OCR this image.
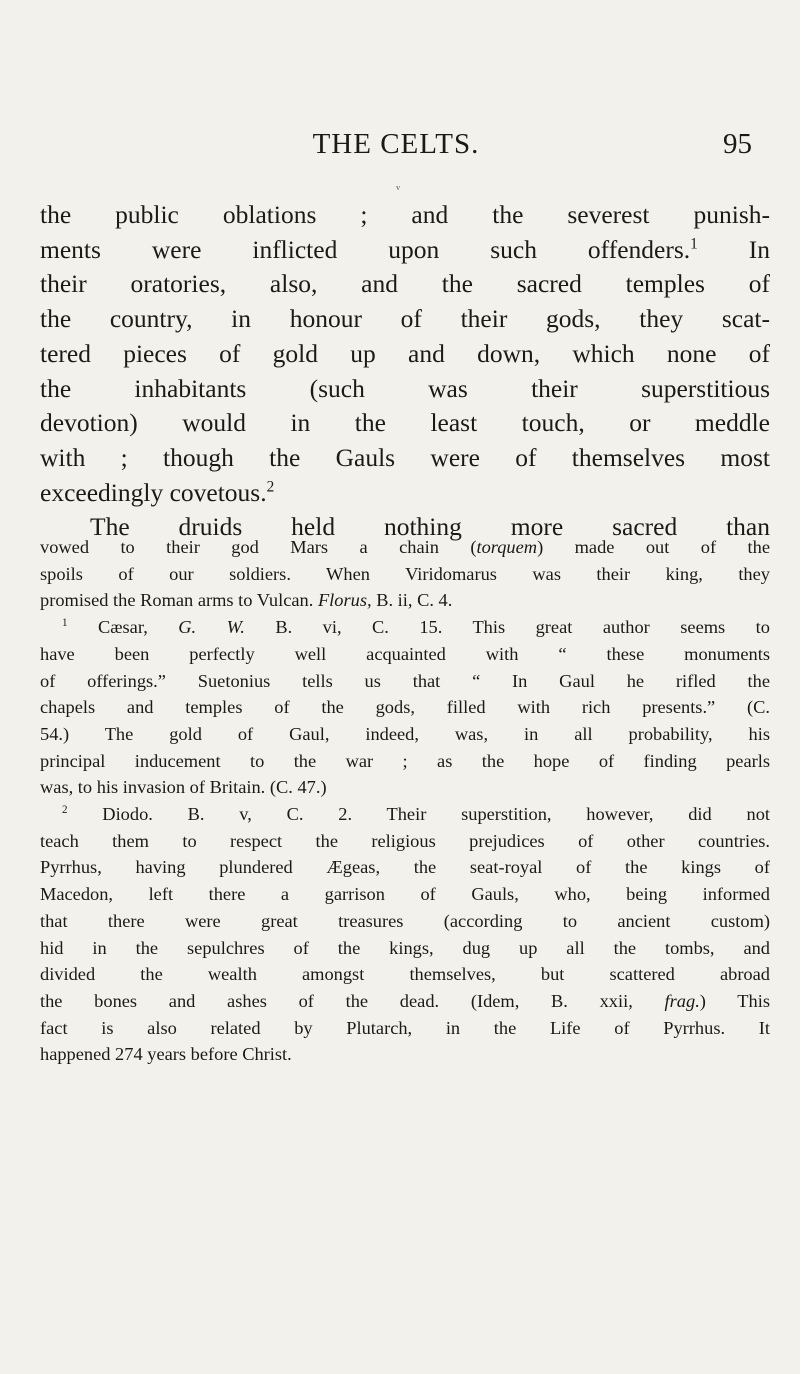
THE CELTS.	95
ᵛ
the public oblations ; and the severest punish-
ments were inflicted upon such offenders.$^1$ In
their oratories, also, and the sacred temples of
the country, in honour of their gods, they scat-
tered pieces of gold up and down, which none of
the inhabitants (such was their superstitious
devotion) would in the least touch, or meddle
with ; though the Gauls were of themselves most
exceedingly covetous.$^2$
The druids held nothing more sacred than
vowed to their god Mars a chain (torquem) made out of the
spoils of our soldiers. When Viridomarus was their king, they
promised the Roman arms to Vulcan. Florus, B. ii, C. 4.
$^1$ Cæsar, G. W. B. vi, C. 15. This great author seems to
have been perfectly well acquainted with “ these monuments
of offerings.” Suetonius tells us that “ In Gaul he rifled the
chapels and temples of the gods, filled with rich presents.” (C.
54.) The gold of Gaul, indeed, was, in all probability, his
principal inducement to the war ; as the hope of finding pearls
was, to his invasion of Britain. (C. 47.)
$^2$ Diodo. B. v, C. 2. Their superstition, however, did not
teach them to respect the religious prejudices of other countries.
Pyrrhus, having plundered Ægeas, the seat-royal of the kings of
Macedon, left there a garrison of Gauls, who, being informed
that there were great treasures (according to ancient custom)
hid in the sepulchres of the kings, dug up all the tombs, and
divided the wealth amongst themselves, but scattered abroad
the bones and ashes of the dead. (Idem, B. xxii, frag.) This
fact is also related by Plutarch, in the Life of Pyrrhus. It
happened 274 years before Christ.
